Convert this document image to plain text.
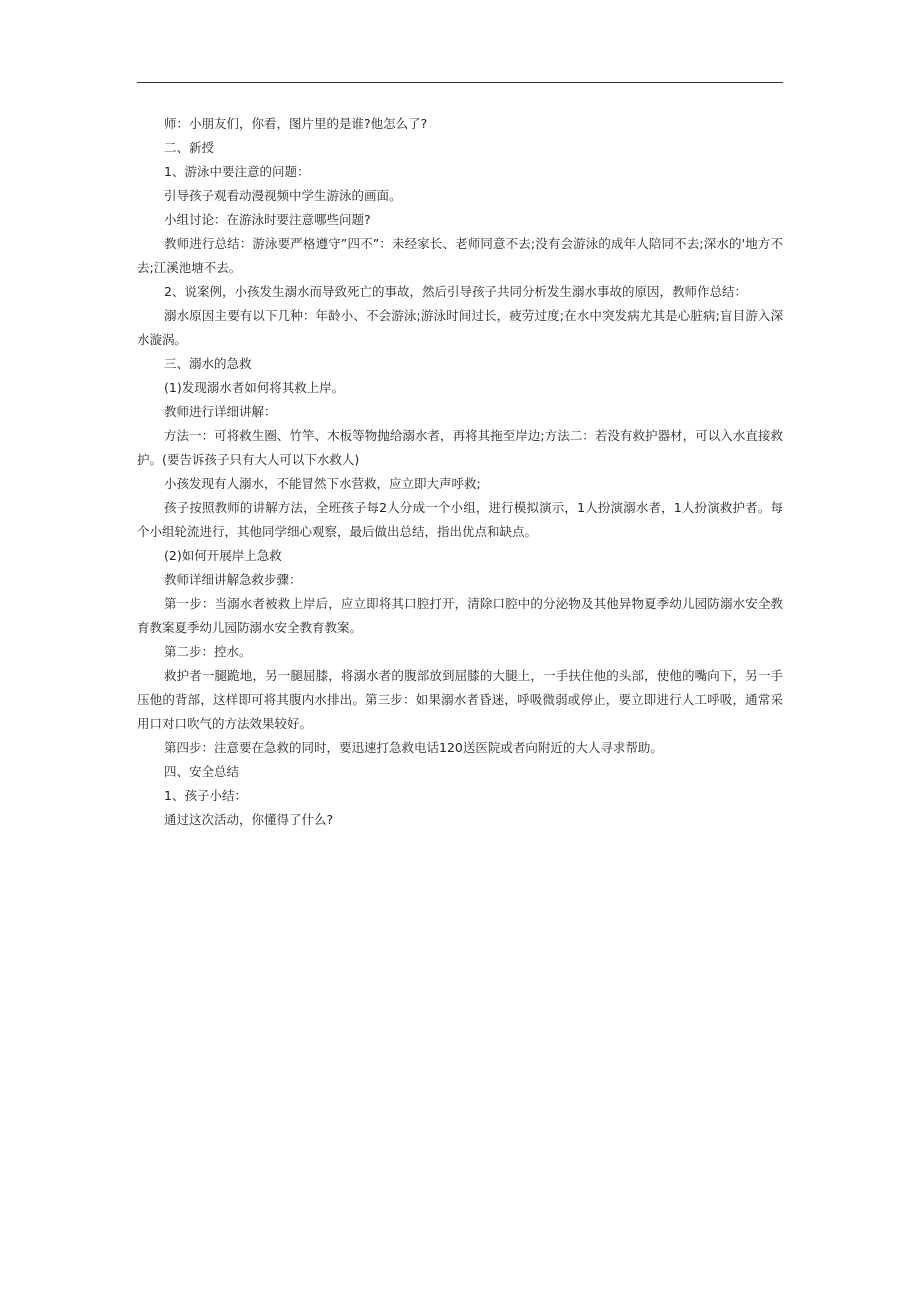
师：小朋友们，你看，图片里的是谁?他怎么了?

二、新授

1、游泳中要注意的问题：

引导孩子观看动漫视频中学生游泳的画面。

小组讨论：在游泳时要注意哪些问题?

教师进行总结：游泳要严格遵守”四不”：未经家长、老师同意不去;没有会游泳的成年人陪同不去;深水的'地方不去;江溪池塘不去。

2、说案例，小孩发生溺水而导致死亡的事故，然后引导孩子共同分析发生溺水事故的原因，教师作总结：

溺水原因主要有以下几种：年龄小、不会游泳;游泳时间过长，疲劳过度;在水中突发病尤其是心脏病;盲目游入深水漩涡。

三、溺水的急救

(1)发现溺水者如何将其救上岸。

教师进行详细讲解：

方法一：可将救生圈、竹竿、木板等物抛给溺水者，再将其拖至岸边;方法二：若没有救护器材，可以入水直接救护。(要告诉孩子只有大人可以下水救人)

小孩发现有人溺水，不能冒然下水营救，应立即大声呼救;

孩子按照教师的讲解方法，全班孩子每2人分成一个小组，进行模拟演示，1人扮演溺水者，1人扮演救护者。每个小组轮流进行，其他同学细心观察，最后做出总结，指出优点和缺点。

(2)如何开展岸上急救

教师详细讲解急救步骤：

第一步：当溺水者被救上岸后，应立即将其口腔打开，清除口腔中的分泌物及其他异物夏季幼儿园防溺水安全教育教案夏季幼儿园防溺水安全教育教案。

第二步：控水。

救护者一腿跪地，另一腿屈膝，将溺水者的腹部放到屈膝的大腿上，一手扶住他的头部，使他的嘴向下，另一手压他的背部，这样即可将其腹内水排出。第三步：如果溺水者昏迷，呼吸微弱或停止，要立即进行人工呼吸，通常采用口对口吹气的方法效果较好。

第四步：注意要在急救的同时，要迅速打急救电话120送医院或者向附近的大人寻求帮助。

四、安全总结

1、孩子小结：

通过这次活动，你懂得了什么?
